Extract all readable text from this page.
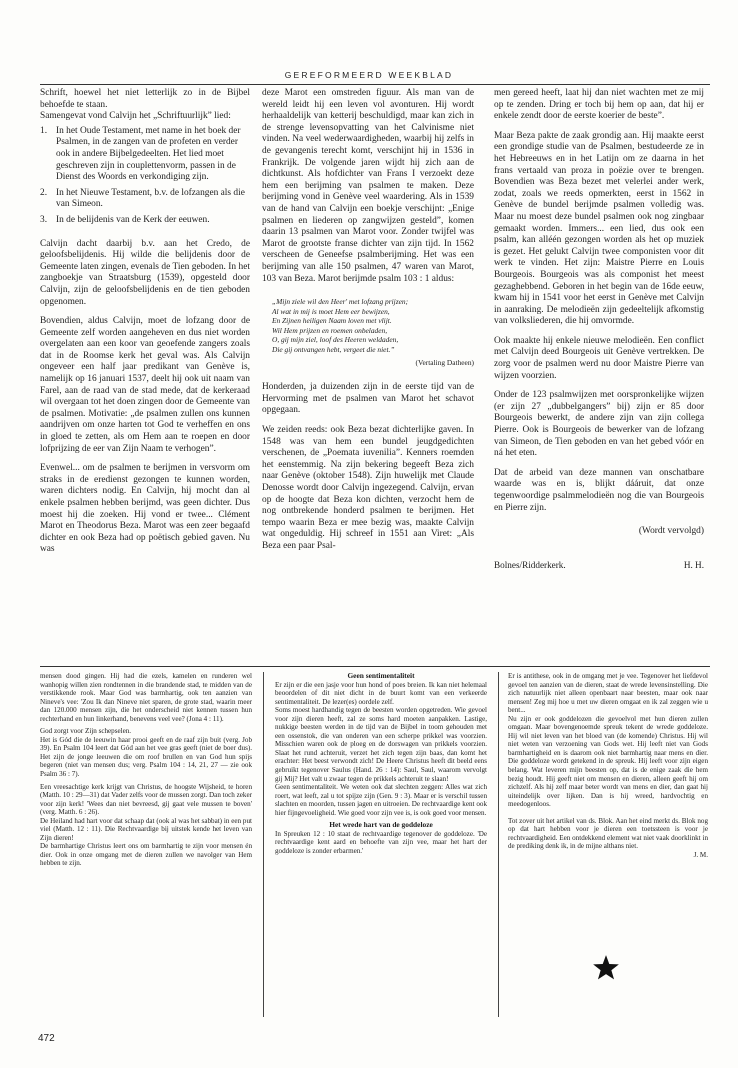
GEREFORMEERD WEEKBLAD

Schrift, hoewel het niet letterlijk zo in de Bijbel behoefde te staan.

Samengevat vond Calvijn het „Schriftuurlijk” lied:

1. In het Oude Testament, met name in het boek der Psalmen, in de zangen van de profeten en verder ook in andere Bijbelgedeelten. Het lied moet geschreven zijn in couplettenvorm, passen in de Dienst des Woords en verkondiging zijn.
2. In het Nieuwe Testament, b.v. de lofzangen als die van Simeon.
3. In de belijdenis van de Kerk der eeuwen.

Calvijn dacht daarbij b.v. aan het Credo, de geloofsbelijdenis. Hij wilde die belijdenis door de Gemeente laten zingen, evenals de Tien geboden. In het zangboekje van Straatsburg (1539), opgesteld door Calvijn, zijn de geloofsbelijdenis en de tien geboden opgenomen.

Bovendien, aldus Calvijn, moet de lofzang door de Gemeente zelf worden aangeheven en dus niet worden overgelaten aan een koor van geoefende zangers zoals dat in de Roomse kerk het geval was. Als Calvijn ongeveer een half jaar predikant van Genève is, namelijk op 16 januari 1537, deelt hij ook uit naam van Farel, aan de raad van de stad mede, dat de kerkeraad wil overgaan tot het doen zingen door de Gemeente van de psalmen. Motivatie: „de psalmen zullen ons kunnen aandrijven om onze harten tot God te verheffen en ons in gloed te zetten, als om Hem aan te roepen en door lofprijzing de eer van Zijn Naam te verhogen”.

Evenwel... om de psalmen te berijmen in versvorm om straks in de eredienst gezongen te kunnen worden, waren dichters nodig. En Calvijn, hij mocht dan al enkele psalmen hebben berijmd, was geen dichter. Dus moest hij die zoeken. Hij vond er twee... Clément Marot en Theodorus Beza. Marot was een zeer begaafd dichter en ook Beza had op poëtisch gebied gaven. Nu was

deze Marot een omstreden figuur. Als man van de wereld leidt hij een leven vol avonturen. Hij wordt herhaaldelijk van ketterij beschuldigd, maar kan zich in de strenge levensopvatting van het Calvinisme niet vinden. Na veel wederwaardigheden, waarbij hij zelfs in de gevangenis terecht komt, verschijnt hij in 1536 in Frankrijk. De volgende jaren wijdt hij zich aan de dichtkunst. Als hofdichter van Frans I verzoekt deze hem een berijming van psalmen te maken. Deze berijming vond in Genève veel waardering. Als in 1539 van de hand van Calvijn een boekje verschijnt: „Enige psalmen en liederen op zangwijzen gesteld”, komen daarin 13 psalmen van Marot voor. Zonder twijfel was Marot de grootste franse dichter van zijn tijd. In 1562 verscheen de Geneefse psalmberijming. Het was een berijming van alle 150 psalmen, 47 waren van Marot, 103 van Beza. Marot berijmde psalm 103 : 1 aldus:

„Mijn ziele wil den Heer' met lofzang prijzen;
Al wat in mij is moet Hem eer bewijzen,
En Zijnen heiligen Naam loven met vlijt.
Wil Hem prijzen en roemen onbeladen,
O, gij mijn ziel, loof des Heeren weldaden,
Die gij ontvangen hebt, vergeet die niet.”

(Vertaling Datheen)

Honderden, ja duizenden zijn in de eerste tijd van de Hervorming met de psalmen van Marot het schavot opgegaan.

We zeiden reeds: ook Beza bezat dichterlijke gaven. In 1548 was van hem een bundel jeugdgedichten verschenen, de „Poemata iuvenilia”. Kenners roemden het eenstemmig. Na zijn bekering begeeft Beza zich naar Genève (oktober 1548). Zijn huwelijk met Claude Denosse wordt door Calvijn ingezegend. Calvijn, ervan op de hoogte dat Beza kon dichten, verzocht hem de nog ontbrekende honderd psalmen te berijmen. Het tempo waarin Beza er mee bezig was, maakte Calvijn wat ongeduldig. Hij schreef in 1551 aan Viret: „Als Beza een paar Psal-

men gereed heeft, laat hij dan niet wachten met ze mij op te zenden. Dring er toch bij hem op aan, dat hij er enkele zendt door de eerste koerier de beste”.

Maar Beza pakte de zaak grondig aan. Hij maakte eerst een grondige studie van de Psalmen, bestudeerde ze in het Hebreeuws en in het Latijn om ze daarna in het frans vertaald van proza in poëzie over te brengen. Bovendien was Beza bezet met velerlei ander werk, zodat, zoals we reeds opmerkten, eerst in 1562 in Genève de bundel berijmde psalmen volledig was. Maar nu moest deze bundel psalmen ook nog zingbaar gemaakt worden. Immers... een lied, dus ook een psalm, kan alléén gezongen worden als het op muziek is gezet. Het gelukt Calvijn twee componisten voor dit werk te vinden. Het zijn: Maistre Pierre en Louis Bourgeois. Bourgeois was als componist het meest gezaghebbend. Geboren in het begin van de 16de eeuw, kwam hij in 1541 voor het eerst in Genève met Calvijn in aanraking. De melodieën zijn gedeeltelijk afkomstig van volksliederen, die hij omvormde.

Ook maakte hij enkele nieuwe melodieën. Een conflict met Calvijn deed Bourgeois uit Genève vertrekken. De zorg voor de psalmen werd nu door Maistre Pierre van wijzen voorzien.

Onder de 123 psalmwijzen met oorspronkelijke wijzen (er zijn 27 „dubbelgangers” bij) zijn er 85 door Bourgeois bewerkt, de andere zijn van zijn collega Pierre. Ook is Bourgeois de bewerker van de lofzang van Simeon, de Tien geboden en van het gebed vóór en ná het eten.

Dat de arbeid van deze mannen van onschatbare waarde was en is, blijkt dááruit, dat onze tegenwoordige psalmmelodieën nog die van Bourgeois en Pierre zijn.

(Wordt vervolgd)

Bolnes/Ridderkerk.	H. H.

mensen dood gingen. Hij had die ezels, kamelen en runderen wel wanhopig willen zien rondtennen in die brandende stad, te midden van de verstikkende rook. Maar God was barmhartig, ook ten aanzien van Nineve's vee: 'Zou Ik dan Nineve niet sparen, de grote stad, waarin meer dan 120.000 mensen zijn, die het onderscheid niet kennen tussen hun rechterhand en hun linkerhand, benevens veel vee? (Jona 4 : 11).

God zorgt voor Zijn schepselen.

Het is Gód die de leeuwin haar prooi geeft en de raaf zijn buit (verg. Job 39). En Psalm 104 leert dat Gód aan het vee gras geeft (niet de boer dus). Het zijn de jonge leeuwen die om roof brullen en van God hun spijs begeren (niet van mensen dus; verg. Psalm 104 : 14, 21, 27 — zie ook Psalm 36 : 7).

Een vreesachtige kerk krijgt van Christus, de hoogste Wijsheid, te horen (Matth. 10 : 29—31) dat Vader zelfs voor de mussen zorgt. Dan toch zeker voor zijn kerk! 'Wees dan niet bevreesd, gij gaat vele mussen te boven' (verg. Matth. 6 : 26).

De Heiland had hart voor dat schaap dat (ook al was het sabbat) in een put viel (Matth. 12 : 11). Die Rechtvaardige bij uitstek kende het leven van Zijn dieren!

De barmhartige Christus leert ons om barmhartig te zijn voor mensen én dier. Ook in onze omgang met de dieren zullen we navolger van Hem hebben te zijn.

Geen sentimentaliteit

Er zijn er die een jasje voor hun hond of poes breien. Ik kan niet helemaal beoordelen of dit niet dicht in de buurt komt van een verkeerde sentimentaliteit. De lezer(es) oordele zelf.

Soms moest hardhandig tegen de beesten worden opgetreden. Wie gevoel voor zijn dieren heeft, zal ze soms hard moeten aanpakken. Lastige, nukkige beesten werden in de tijd van de Bijbel in toom gehouden met een ossenstok, die van onderen van een scherpe prikkel was voorzien. Misschien waren ook de ploeg en de dorswagen van prikkels voorzien. Slaat het rund achteruit, verzet het zich tegen zijn baas, dan komt het erachter: Het beest verwondt zich! De Heere Christus heeft dit beeld eens gebruikt tegenover Saulus (Hand. 26 : 14): Saul, Saul, waarom vervolgt gij Mij? Het valt u zwaar tegen de prikkels achteruit te slaan!

Geen sentimentaliteit. We weten ook dat slechten zeggen: Alles wat zich roert, wat leeft, zal u tot spijze zijn (Gen. 9 : 3). Maar er is verschil tussen slachten en moorden, tussen jagen en uitroeien. De rechtvaardige kent ook hier fijngevoeligheid. Wie goed voor zijn vee is, is ook goed voor mensen.

Het wrede hart van de goddeloze

In Spreuken 12 : 10 staat de rechtvaardige tegenover de goddeloze. 'De rechtvaardige kent aard en behoefte van zijn vee, maar het hart der goddeloze is zonder erbarmen.'

Er is antithese, ook in de omgang met je vee. Tegenover het liefdevol gevoel ten aanzien van de dieren, staat de wrede levensinstelling. Die zich natuurlijk niet alleen openbaart naar beesten, maar ook naar mensen! Zeg mij hoe u met uw dieren omgaat en ik zal zeggen wie u bent...

Nu zijn er ook goddelozen die gevoelvol met hun dieren zullen omgaan. Maar bovengenoemde spreuk tekent de wrede goddeloze. Hij wil niet leven van het bloed van (de komende) Christus. Hij wil niet weten van verzoening van Gods wet. Hij leeft niet van Gods barmhartigheid en is daarom ook niet barmhartig naar mens en dier. Die goddeloze wordt getekend in de spreuk. Hij leeft voor zijn eigen belang. Wat leveren mijn beesten op, dat is de enige zaak die hem bezig houdt. Hij geeft niet om mensen en dieren, alleen geeft hij om zichzelf. Als hij zelf maar beter wordt van mens en dier, dan gaat hij uiteindelijk over lijken. Dan is hij wreed, hardvochtig en meedogenloos.

Tot zover uit het artikel van ds. Blok. Aan het eind merkt ds. Blok nog op dat hart hebben voor je dieren een toetssteen is voor je rechtvaardigheid. Een ontdekkend element wat niet vaak doorklinkt in de prediking denk ik, in de mijne althans niet.

J. M.

472
